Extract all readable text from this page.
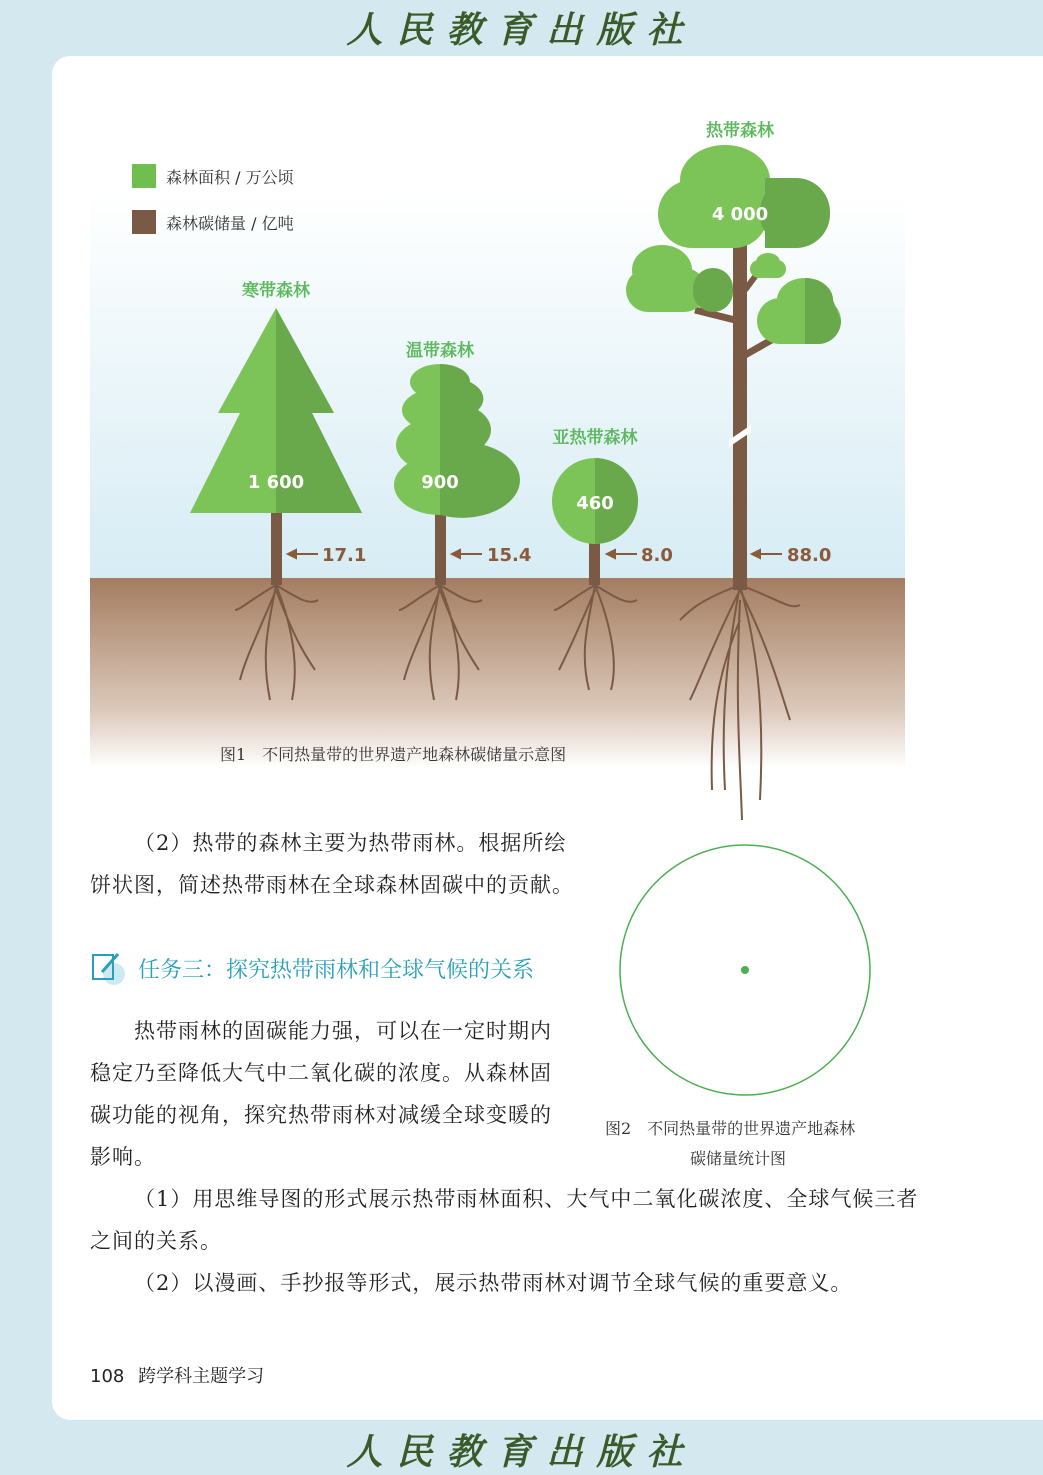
人民教育出版社
寒带森林
温带森林
亚热带森林
热带森林
1 600	900
460
4 000
17.1	15.4	8.0	88.0
森林面积 / 万公顷
森林碳储量 / 亿吨
图1　不同热量带的世界遗产地森林碳储量示意图
（2）热带的森林主要为热带雨林。根据所绘
饼状图，简述热带雨林在全球森林固碳中的贡献。
图2　不同热量带的世界遗产地森林
碳储量统计图
任务三：探究热带雨林和全球气候的关系
热带雨林的固碳能力强，可以在一定时期内
稳定乃至降低大气中二氧化碳的浓度。从森林固
碳功能的视角，探究热带雨林对减缓全球变暖的
影响。
（1）用思维导图的形式展示热带雨林面积、大气中二氧化碳浓度、全球气候三者
之间的关系。
（2）以漫画、手抄报等形式，展示热带雨林对调节全球气候的重要意义。
108 跨学科主题学习
人民教育出版社
